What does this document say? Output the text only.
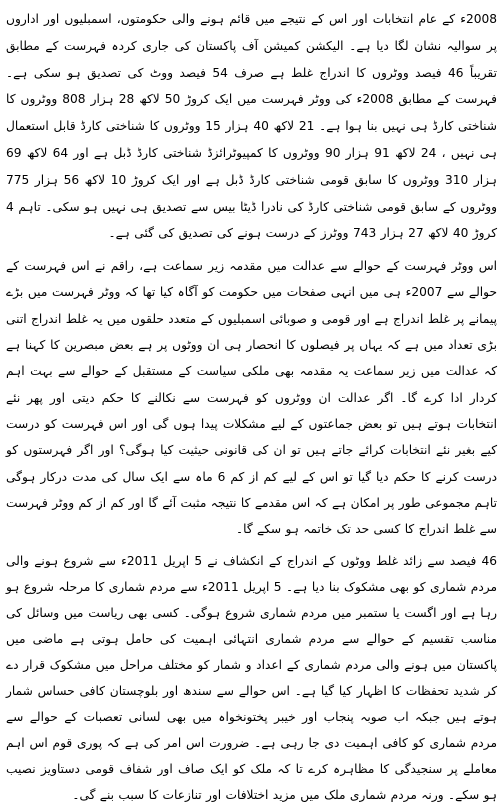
2008ء کے عام انتخابات اور اس کے نتیجے میں قائم ہونے والی حکومتوں، اسمبلیوں اور اداروں پر سوالیہ نشان لگا دیا ہے۔ الیکشن کمیشن آف پاکستان کی جاری کردہ فہرست کے مطابق تقریباً 46 فیصد ووٹروں کا اندراج غلط ہے صرف 54 فیصد ووٹ کی تصدیق ہو سکی ہے۔ فہرست کے مطابق 2008ء کی ووٹر فہرست میں ایک کروڑ 50 لاکھ 28 ہزار 808 ووٹروں کا شناختی کارڈ ہی نہیں بنا ہوا ہے۔ 21 لاکھ 40 ہزار 15 ووٹروں کا شناختی کارڈ قابل استعمال ہی نہیں ، 24 لاکھ 91 ہزار 90 ووٹروں کا کمپیوٹرائزڈ شناختی کارڈ ڈبل ہے اور 64 لاکھ 69 ہزار 310 ووٹروں کا سابق قومی شناختی کارڈ ڈبل ہے اور ایک کروڑ 10 لاکھ 56 ہزار 775 ووٹروں کے سابق قومی شناختی کارڈ کی نادرا ڈیٹا بیس سے تصدیق ہی نہیں ہو سکی۔ تاہم 4 کروڑ 40 لاکھ 27 ہزار 743 ووٹرز کے درست ہونے کی تصدیق کی گئی ہے۔

اس ووٹر فہرست کے حوالے سے عدالت میں مقدمہ زیر سماعت ہے، راقم نے اس فہرست کے حوالے سے 2007ء ہی میں انہی صفحات میں حکومت کو آگاہ کیا تھا کہ ووٹر فہرست میں بڑے پیمانے پر غلط اندراج ہے اور قومی و صوبائی اسمبلیوں کے متعدد حلقوں میں یہ غلط اندراج اتنی بڑی تعداد میں ہے کہ یہاں پر فیصلوں کا انحصار ہی ان ووٹوں پر ہے بعض مبصرین کا کہنا ہے کہ عدالت میں زیر سماعت یہ مقدمہ بھی ملکی سیاست کے مستقبل کے حوالے سے بہت اہم کردار ادا کرے گا۔ اگر عدالت ان ووٹروں کو فہرست سے نکالنے کا حکم دیتی اور پھر نئے انتخابات ہوتے ہیں تو بعض جماعتوں کے لیے مشکلات پیدا ہوں گی اور اس فہرست کو درست کیے بغیر نئے انتخابات کرائے جاتے ہیں تو ان کی قانونی حیثیت کیا ہوگی؟ اور اگر فہرستوں کو درست کرنے کا حکم دیا گیا تو اس کے لیے کم از کم 6 ماہ سے ایک سال کی مدت درکار ہوگی تاہم مجموعی طور پر امکان ہے کہ اس مقدمے کا نتیجہ مثبت آئے گا اور کم از کم ووٹر فہرست سے غلط اندراج کا کسی حد تک خاتمہ ہو سکے گا۔

46 فیصد سے زائد غلط ووٹوں کے اندراج کے انکشاف نے 5 اپریل 2011ء سے شروع ہونے والی مردم شماری کو بھی مشکوک بنا دیا ہے۔ 5 اپریل 2011ء سے مردم شماری کا مرحلہ شروع ہو رہا ہے اور اگست یا ستمبر میں مردم شماری شروع ہوگی۔ کسی بھی ریاست میں وسائل کی مناسب تقسیم کے حوالے سے مردم شماری انتہائی اہمیت کی حامل ہوتی ہے ماضی میں پاکستان میں ہونے والی مردم شماری کے اعداد و شمار کو مختلف مراحل میں مشکوک قرار دے کر شدید تحفظات کا اظہار کیا گیا ہے۔ اس حوالے سے سندھ اور بلوچستان کافی حساس شمار ہوتے ہیں جبکہ اب صوبہ پنجاب اور خیبر پختونخواہ میں بھی لسانی تعصبات کے حوالے سے مردم شماری کو کافی اہمیت دی جا رہی ہے۔ ضرورت اس امر کی ہے کہ پوری قوم اس اہم معاملے پر سنجیدگی کا مظاہرہ کرے تا کہ ملک کو ایک صاف اور شفاف قومی دستاویز نصیب ہو سکے۔ ورنہ مردم شماری ملک میں مزید اختلافات اور تنازعات کا سبب بنے گی۔
